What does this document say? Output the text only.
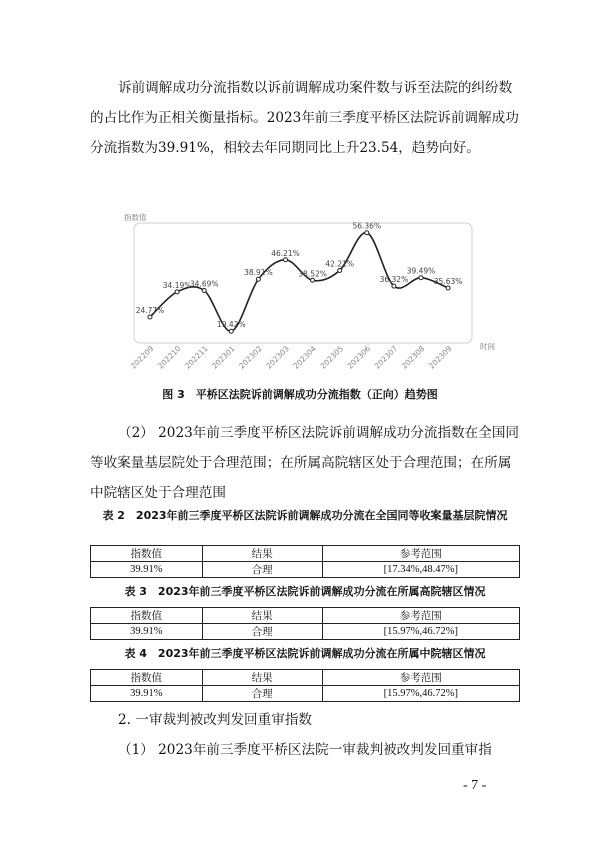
诉前调解成功分流指数以诉前调解成功案件数与诉至法院的纠纷数的占比作为正相关衡量指标。2023年前三季度平桥区法院诉前调解成功分流指数为39.91%，相较去年同期同比上升23.54，趋势向好。

指数值
时间
24.77%
34.19%
34.69%
19.42%
38.91%
46.21%
38.52%
42.21%
56.36%
36.32%
39.49%
35.63%
202209 202210 202211 202301 202302 202303 202304 202305 202306 202307 202308 202309
图 3　平桥区法院诉前调解成功分流指数（正向）趋势图

（2） 2023年前三季度平桥区法院诉前调解成功分流指数在全国同等收案量基层院处于合理范围；在所属高院辖区处于合理范围；在所属中院辖区处于合理范围

表 2　2023年前三季度平桥区法院诉前调解成功分流在全国同等收案量基层院情况
指数值	结果	参考范围
39.91%	合理	[17.34%,48.47%]
表 3　2023年前三季度平桥区法院诉前调解成功分流在所属高院辖区情况
指数值	结果	参考范围
39.91%	合理	[15.97%,46.72%]
表 4　2023年前三季度平桥区法院诉前调解成功分流在所属中院辖区情况
指数值	结果	参考范围
39.91%	合理	[15.97%,46.72%]

2. 一审裁判被改判发回重审指数

（1） 2023年前三季度平桥区法院一审裁判被改判发回重审指

- 7 -
